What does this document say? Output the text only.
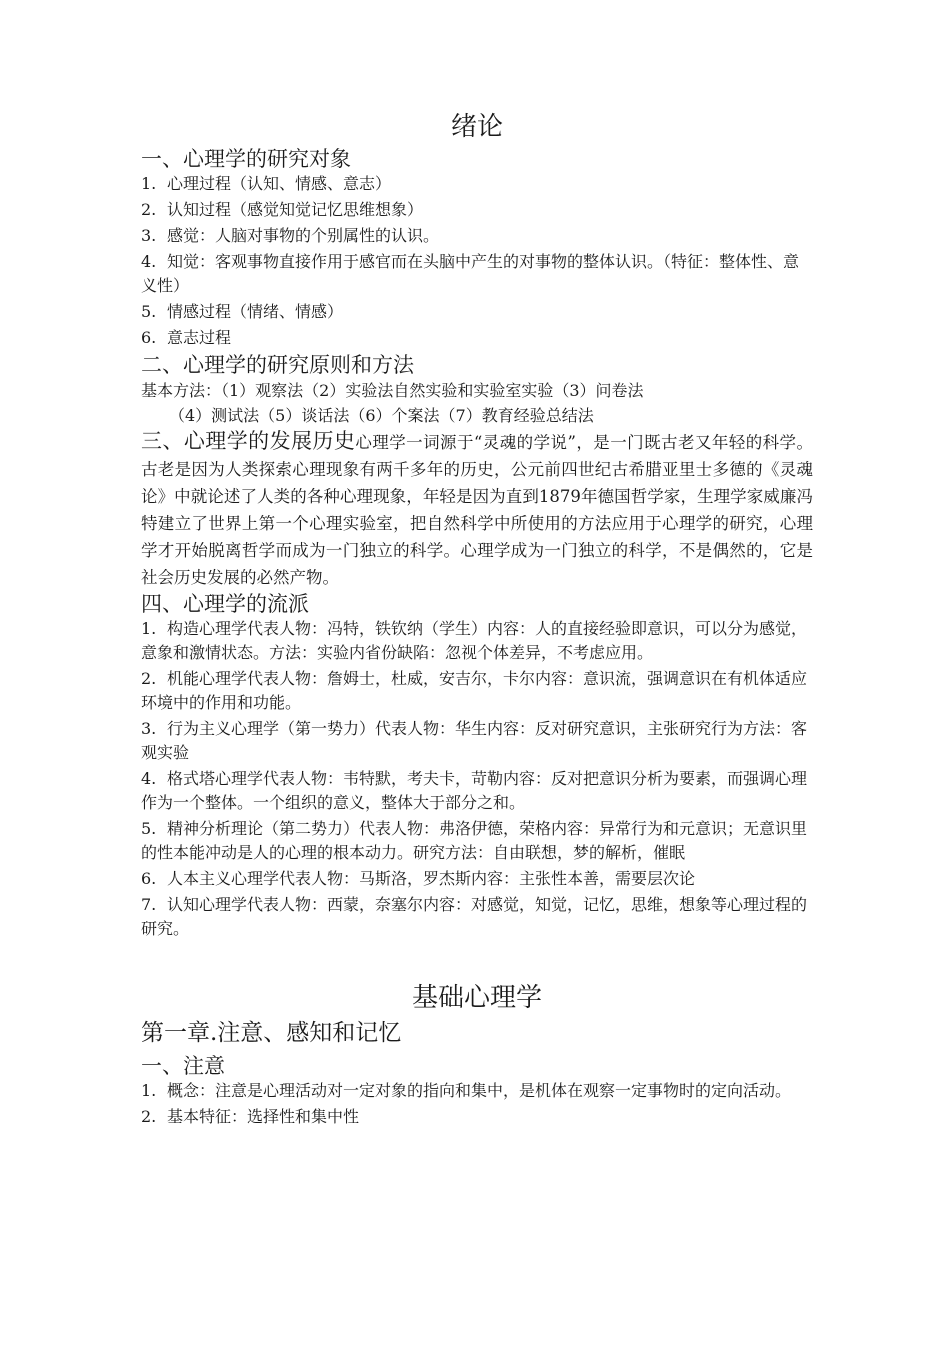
绪论
一、心理学的研究对象

1. 心理过程（认知、情感、意志）

2. 认知过程（感觉知觉记忆思维想象）

3. 感觉：人脑对事物的个别属性的认识。

4. 知觉：客观事物直接作用于感官而在头脑中产生的对事物的整体认识。（特征：整体性、意义性）

5. 情感过程（情绪、情感）

6. 意志过程

二、心理学的研究原则和方法

基本方法：（1）观察法（2）实验法自然实验和实验室实验（3）问卷法

（4）测试法（5）谈话法（6）个案法（7）教育经验总结法

三、心理学的发展历史心理学一词源于“灵魂的学说”，是一门既古老又年轻的科学。古老是因为人类探索心理现象有两千多年的历史，公元前四世纪古希腊亚里士多德的《灵魂论》中就论述了人类的各种心理现象，年轻是因为直到1879年德国哲学家，生理学家威廉冯特建立了世界上第一个心理实验室，把自然科学中所使用的方法应用于心理学的研究，心理学才开始脱离哲学而成为一门独立的科学。心理学成为一门独立的科学，不是偶然的，它是社会历史发展的必然产物。

四、心理学的流派

1. 构造心理学代表人物：冯特，铁钦纳（学生）内容：人的直接经验即意识，可以分为感觉，意象和激情状态。方法：实验内省份缺陷：忽视个体差异，不考虑应用。

2. 机能心理学代表人物：詹姆士，杜威，安吉尔，卡尔内容：意识流，强调意识在有机体适应环境中的作用和功能。

3. 行为主义心理学（第一势力）代表人物：华生内容：反对研究意识，主张研究行为方法：客观实验

4. 格式塔心理学代表人物：韦特默，考夫卡，苛勒内容：反对把意识分析为要素，而强调心理作为一个整体。一个组织的意义，整体大于部分之和。

5. 精神分析理论（第二势力）代表人物：弗洛伊德，荣格内容：异常行为和元意识；无意识里的性本能冲动是人的心理的根本动力。研究方法：自由联想，梦的解析，催眠

6. 人本主义心理学代表人物：马斯洛，罗杰斯内容：主张性本善，需要层次论

7. 认知心理学代表人物：西蒙，奈塞尔内容：对感觉，知觉，记忆，思维，想象等心理过程的研究。

基础心理学
第一章.注意、感知和记忆
一、注意

1. 概念：注意是心理活动对一定对象的指向和集中，是机体在观察一定事物时的定向活动。

2. 基本特征：选择性和集中性
